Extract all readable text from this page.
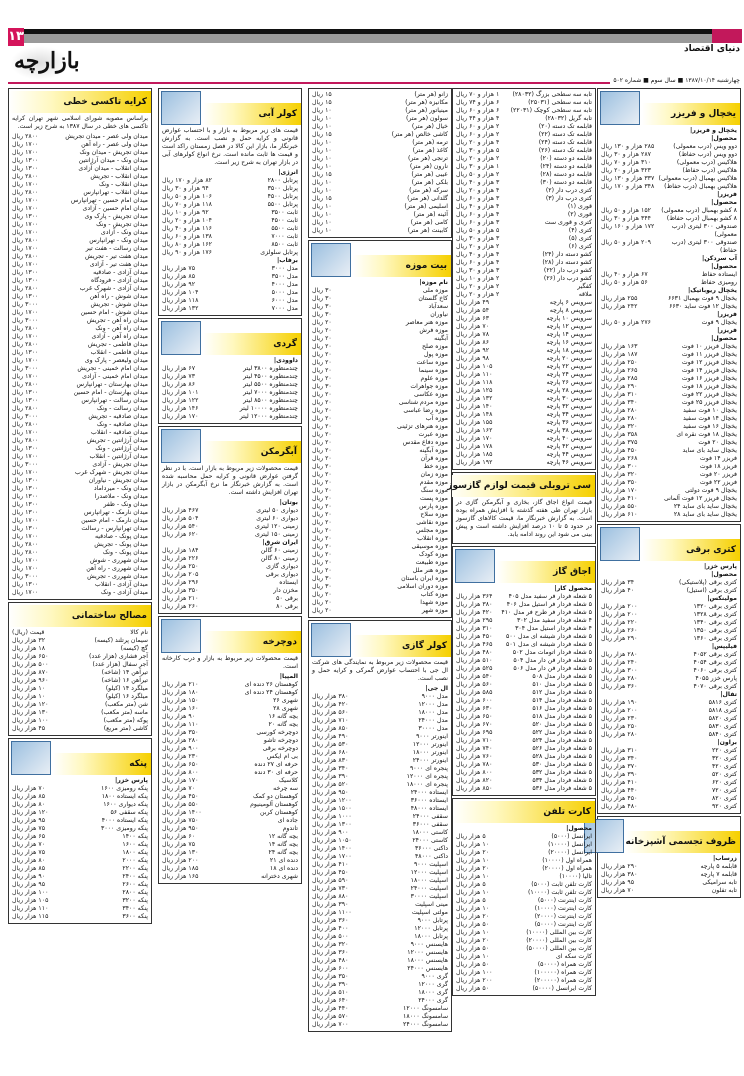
۱۳
دنیای اقتصاد
بازارچه
چهارشنبه ۱۳۸۷/۱۰/۱۴ ■ سال سوم ■ شماره ۵۰۲
یخچال و فریزر
یخچال و فریزر|
محصول|
دوو ویس (درب معمولی)
۲۸۵ هزار و ۱۳۰ ریال
دوو ویس (درب حفاظ)
۲۸۷ هزار و ۳۰ ریال
هلاکیس (درب معمولی)
۳۱۰ هزار و ۷۰ ریال
هلاکیس (درب حفاظ)
۳۲۳ هزار و ۲۰ ریال
هلاکیس بهمبال (درب معمولی)
۳۳۷ هزار و ۱۳۰ ریال
هلاکیس بهمبال (درب حفاظ)
۳۴۸ هزار و ۱۷۰ ریال
فریزر|
محصول|
۸ کشو بهمبال (درب معمولی)
۱۵۲ هزار و ۵۰ ریال
۸ کشو بهمبال (درب حفاظ)
۳۴۴ هزار و ۳۰ ریال
صندوقی ۳۰۰ لیتری (درب معمولی)
۱۷۲ هزار و ۱۶۰ ریال
صندوقی ۳۰۰ لیتری (درب حفاظ)
۲۰۹ هزار و ۵۰ ریال
آب سردکن|
محصول|
ایستاده حفاظ
۶۷ هزار و ۴۰ ریال
رومیزی حفاظ
۵۶ هزار و ۵۰ ریال
یخچال ریوباتیک|
یخچال ۹ فوت بهمبال ۶۶۳۱
۲۵۵ هزار ریال
یخچال ۱۲ فوت ساید ۶۶۳۰
۲۴۲ هزار ریال
فریزر|
یخچال ۹ فوت
۲۷۶ هزار و ۵۰ ریال
فریزر|
محصول|
یخچال فریزر ۱۰ فوت
۱۶۳ هزار ریال
یخچال فریزر ۱۱ فوت
۱۸۷ هزار ریال
یخچال فریزر ۱۲ فوت
۲۵۰ هزار ریال
یخچال فریزر ۱۴ فوت
۲۶۵ هزار ریال
یخچال فریزر ۱۶ فوت
۲۸۵ هزار ریال
یخچال فریزر ۱۸ فوت
۲۹۰ هزار ریال
یخچال فریزر ۲۲ فوت
۳۱۰ هزار ریال
یخچال فریزر ۲۵ فوت
۳۴۰ هزار ریال
یخچال ۱۰ فوت سفید
۲۸۰ هزار ریال
یخچال ۱۴ فوت سفید
۲۸۰ هزار ریال
یخچال ۱۶ فوت سفید
۳۲۰ هزار ریال
یخچال ۱۸ فوت نقره ای
۳۵۸ هزار ریال
یخچال ۲۰ فوت
۳۷۵ هزار ریال
یخچال ساید بای ساید
۴۵۰ هزار ریال
فریزر ۱۴ فوت
۲۶۸ هزار ریال
فریزر ۱۸ فوت
۳۰۰ هزار ریال
فریزر ۲۰ فوت
۳۲۰ هزار ریال
فریزر ۲۲ فوت
۳۵۰ هزار ریال
یخچال ۹ فوت دولتی
۱۷۰ هزار ریال
یخچال فریزر ۱۲ فوت آلمانی
۴۱۰ هزار ریال
یخچال ساید بای ساید ۲۴
۵۵۰ هزار ریال
یخچال ساید بای ساید ۲۸
۶۱۰ هزار ریال
کتری برقی
پارس خزر|
محصول|
کتری برقی (پلاستیکی)
۳۴ هزار ریال
کتری برقی (استیل)
۴۰ هزار ریال
مولینکس|
کتری برقی ۱۳۲۰
۲۰۰ هزار ریال
کتری برقی ۱۳۲۸
۲۰۰ هزار ریال
کتری برقی ۱۳۴۰
۲۲۰ هزار ریال
کتری برقی ۱۳۵۰
۲۶۰ هزار ریال
کتری برقی ۱۳۶۰
۲۹۰ هزار ریال
فیلیپس|
کتری برقی ۴۰۵۲
۲۸۰ هزار ریال
کتری برقی ۴۰۵۴
۲۴۰ هزار ریال
کتری برقی ۴۰۶۰
۳۰۰ هزار ریال
پارس خزر ۴۰۵۵
۲۸۰ هزار ریال
کتری برقی ۴۰۷۰
۳۶۰ هزار ریال
تفال|
کتری ۵۸۱۶
۱۹۰ هزار ریال
کتری ۵۸۱۸
۲۰۰ هزار ریال
کتری ۵۸۲۰
۲۳۰ هزار ریال
کتری ۵۸۳۰
۲۵۰ هزار ریال
کتری ۵۸۴۰
۲۸۰ هزار ریال
براون|
کتری ۲۲۰
۳۱۰ هزار ریال
کتری ۳۲۰
۳۴۰ هزار ریال
کتری ۴۲۰
۳۷۰ هزار ریال
کتری ۵۲۰
۳۹۰ هزار ریال
کتری ۶۲۰
۴۱۰ هزار ریال
کتری ۷۲۰
۴۴۰ هزار ریال
کتری ۸۲۰
۴۵۰ هزار ریال
کتری ۹۲۰
۴۸۰ هزار ریال
ظروف تجسمی آشپزخانه
زرساب|
قابلمه ۵ پارچه
۲۹۰ هزار ریال
قابلمه ۷ پارچه
۳۸۰ هزار ریال
تابه سرامیکی
۹۵ هزار ریال
تابه تفلون
۷۰ هزار ریال
تابه سه سطحی بزرگ (۲۸۰۳۲)
۱ هزار و ۷۰ ریال
تابه سه سطحی (۲۵۰۳۱)
۶ هزار و ۷۴ ریال
تابه سه سطحی کوچک (۲۲۰۳۱)
۶ هزار و ۶۰ ریال
تابه گریل (۲۸۰۳۲)
۴ هزار و ۴۴ ریال
قابلمه تک دسته (۲۰)
۲ هزار و ۶۰ ریال
قابلمه تک دسته (۲۲)
۲ هزار و ۶۰ ریال
قابلمه تک دسته (۲۴)
۴ هزار و ۲۰ ریال
قابلمه تک دسته (۲۶)
۵ هزار و ۳۰ ریال
قابلمه دو دسته (۲۰)
۲ هزار و ۲۰ ریال
قابلمه دو دسته (۲۴)
۱ هزار و ۳۰ ریال
قابلمه دو دسته (۲۸)
۲ هزار و ۵۰ ریال
قابلمه دو دسته (۳۰)
۳ هزار و ۴۰ ریال
کتری درب دار (۲)
۴ هزار و ۲۰ ریال
کتری درب دار (۳)
۳ هزار و ۶۰ ریال
قوری (۱)
۴ هزار و ۴۰ ریال
قوری (۲)
۴ هزار و ۶۰ ریال
کتری و قوری ست
۳ هزار و ۶۰ ریال
کتری (۴)
۵ هزار و ۵۰ ریال
کتری (۵)
۳ هزار و ۳۰ ریال
کتری (۶)
۲ هزار و ۲۰ ریال
کشو دسته دار (۲۴)
۴ هزار و ۴۰ ریال
کشو دسته دار (۲۸)
۴ هزار و ۶۰ ریال
کشو درب دار (۲۲)
۳ هزار و ۳۰ ریال
کشو درب دار (۲۶)
۲ هزار و ۱۰ ریال
کفگیر
۲ هزار و ۲۰ ریال
ملاقه
۲ هزار و ۲۰ ریال
سرویس ۶ پارچه
۴۹ هزار ریال
سرویس ۸ پارچه
۵۴ هزار ریال
سرویس ۱۰ پارچه
۶۳ هزار ریال
سرویس ۱۲ پارچه
۷۰ هزار ریال
سرویس ۱۴ پارچه
۷۸ هزار ریال
سرویس ۱۶ پارچه
۸۶ هزار ریال
سرویس ۱۸ پارچه
۹۲ هزار ریال
سرویس ۲۰ پارچه
۹۸ هزار ریال
سرویس ۲۲ پارچه
۱۰۵ هزار ریال
سرویس ۲۴ پارچه
۱۱۰ هزار ریال
سرویس ۲۶ پارچه
۱۱۸ هزار ریال
سرویس ۲۸ پارچه
۱۲۵ هزار ریال
سرویس ۳۰ پارچه
۱۳۲ هزار ریال
سرویس ۳۲ پارچه
۱۴۰ هزار ریال
سرویس ۳۴ پارچه
۱۴۸ هزار ریال
سرویس ۳۶ پارچه
۱۵۵ هزار ریال
سرویس ۳۸ پارچه
۱۶۲ هزار ریال
سرویس ۴۰ پارچه
۱۷۰ هزار ریال
سرویس ۴۲ پارچه
۱۷۸ هزار ریال
سرویس ۴۴ پارچه
۱۸۵ هزار ریال
سرویس ۴۶ پارچه
۱۹۲ هزار ریال
سی ترویلی قیمت لوازم گازسوز
قیمت انواع اجاق گاز، بخاری و آبگرمکن گازی در بازار تهران طی هفته گذشته با افزایش همراه بوده است. به گزارش خبرنگار ما، قیمت کالاهای گازسوز در حدود ۵ تا ۱۰ درصد افزایش داشته است و پیش بینی می شود این روند ادامه یابد.
اجاق گاز
محصول کار|
۵ شعله فردار فر سفید مدل ۴۰۵
۳۶۴ هزار ریال
۵ شعله فردار فر استیل مدل ۴۰۶
۳۸۰ هزار ریال
۵ شعله فردار فر طرح فر مدل ۴۱۰
۴۲۰ هزار ریال
۴ شعله فردار سفید مدل ۳۰۲
۲۹۵ هزار ریال
۴ شعله فردار استیل مدل ۳۰۴
۳۱۰ هزار ریال
۵ شعله فردار شیشه ای مدل ۵۰۰
۴۵۰ هزار ریال
۵ شعله فردار شیشه ای مدل ۵۰۱
۴۶۵ هزار ریال
۵ شعله فردار اتومات مدل ۵۰۲
۴۸۰ هزار ریال
۵ شعله فردار فن دار مدل ۵۰۴
۵۱۰ هزار ریال
۵ شعله فردار فن دار مدل ۵۰۶
۵۲۵ هزار ریال
۵ شعله فردار مدل ۵۰۸
۵۴۰ هزار ریال
۵ شعله فردار مدل ۵۱۰
۵۶۰ هزار ریال
۵ شعله فردار مدل ۵۱۲
۵۸۵ هزار ریال
۵ شعله فردار مدل ۵۱۴
۶۰۰ هزار ریال
۵ شعله فردار مدل ۵۱۶
۶۳۰ هزار ریال
۵ شعله فردار مدل ۵۱۸
۶۵۰ هزار ریال
۵ شعله فردار مدل ۵۲۰
۶۷۰ هزار ریال
۵ شعله فردار مدل ۵۲۲
۶۹۵ هزار ریال
۵ شعله فردار مدل ۵۲۴
۷۱۰ هزار ریال
۵ شعله فردار مدل ۵۲۶
۷۴۰ هزار ریال
۵ شعله فردار مدل ۵۲۸
۷۶۰ هزار ریال
۵ شعله فردار مدل ۵۳۰
۷۸۰ هزار ریال
۵ شعله فردار مدل ۵۳۲
۸۰۰ هزار ریال
۵ شعله فردار مدل ۵۳۴
۸۲۰ هزار ریال
۵ شعله فردار مدل ۵۳۶
۸۵۰ هزار ریال
کارت تلفن
محصول|
ایرانسل (۵۰۰۰)
۵ هزار ریال
ایرانسل (۱۰۰۰۰)
۱۰ هزار ریال
ایرانسل (۲۰۰۰۰)
۲۰ هزار ریال
همراه اول (۱۰۰۰۰)
۱۰ هزار ریال
همراه اول (۲۰۰۰۰)
۲۰ هزار ریال
تالیا (۱۰۰۰۰)
۱۰ هزار ریال
کارت تلفن ثابت (۵۰۰۰)
۵ هزار ریال
کارت تلفن ثابت (۱۰۰۰۰)
۱۰ هزار ریال
کارت اینترنت (۵۰۰۰)
۵ هزار ریال
کارت اینترنت (۱۰۰۰۰)
۱۰ هزار ریال
کارت اینترنت (۲۰۰۰۰)
۲۰ هزار ریال
کارت اینترنت (۵۰۰۰۰)
۵۰ هزار ریال
کارت بین المللی (۱۰۰۰۰)
۱۰ هزار ریال
کارت بین المللی (۲۰۰۰۰)
۲۰ هزار ریال
کارت بین المللی (۵۰۰۰۰)
۵۰ هزار ریال
کارت سکه ای
۱۰ هزار ریال
کارت همراه (۵۰۰۰۰)
۵۰ هزار ریال
کارت همراه (۱۰۰۰۰۰)
۱۰۰ هزار ریال
کارت همراه (۲۰۰۰۰۰)
۲۰۰ هزار ریال
کارت ایرانسل (۵۰۰۰۰)
۵۰ هزار ریال
زانو (هر متر)
۱۵ ریال
مکانیزه (هر متر)
۱۵ ریال
مینیاتور (هر متر)
۱۰ ریال
سولون (هر متر)
۱۰ ریال
خیال (هر متر)
۱۰ ریال
کاشی خالص (هر متر)
۱۵ ریال
ترمه (هر متر)
۱۰ ریال
کاغذ (هر متر)
۱۰ ریال
ترنجی (هر متر)
۱۰ ریال
نارون (هر متر)
۱۰ ریال
عیبی (هر متر)
۱۵ ریال
بلکی (هر متر)
۱۰ ریال
سرکه (هر متر)
۱۰ ریال
گلدانی (هر متر)
۱۵ ریال
اسلیمی (هر متر)
۱۰ ریال
آئینه (هر متر)
۱۰ ریال
کامی (هر متر)
۱۰ ریال
کابینت (هر متر)
۱۰ ریال
بیت موزه
نام موزه|
موزه ملی
۳۰ ریال
کاخ گلستان
۳۰ ریال
سعدآباد
۳۰ ریال
نیاوران
۳۰ ریال
موزه هنر معاصر
۲۰ ریال
موزه فرش
۲۰ ریال
آبگینه
۲۰ ریال
موزه صلح
۲۰ ریال
موزه پول
۲۰ ریال
موزه ساعت
۲۰ ریال
موزه سینما
۲۰ ریال
موزه علوم
۲۰ ریال
موزه جواهرات
۳۰ ریال
موزه عکاسی
۲۰ ریال
موزه مردم شناسی
۲۰ ریال
موزه رضا عباسی
۲۰ ریال
موزه آب
۲۰ ریال
موزه هنرهای تزئینی
۲۰ ریال
موزه عبرت
۲۰ ریال
موزه دفاع مقدس
۲۰ ریال
موزه آبگینه
۲۰ ریال
موزه قرآن
۲۰ ریال
موزه خط
۲۰ ریال
موزه زمان
۲۰ ریال
موزه مقدم
۲۰ ریال
موزه سنگ
۲۰ ریال
موزه پست
۲۰ ریال
موزه پارس
۲۰ ریال
موزه سلاح
۲۰ ریال
موزه نقاشی
۲۰ ریال
موزه مجلس
۲۰ ریال
موزه انقلاب
۲۰ ریال
موزه موسیقی
۲۰ ریال
موزه کودک
۲۰ ریال
موزه طبیعت
۲۰ ریال
موزه هنر ملل
۲۰ ریال
موزه ایران باستان
۳۰ ریال
موزه دوران اسلامی
۳۰ ریال
موزه کتاب
۲۰ ریال
موزه شهدا
۲۰ ریال
موزه شهر
۲۰ ریال
کولر گازی
قیمت محصولات زیر مربوط به نمایندگی های شرکت ال جی با احتساب عوارض گمرکی و کرایه حمل و نصب است.
ال جی|
مدل ۹۰۰۰
۳۸۰ هزار ریال
مدل ۱۲۰۰۰
۴۲۰ هزار ریال
مدل ۱۸۰۰۰
۵۶۰ هزار ریال
مدل ۲۴۰۰۰
۷۱۰ هزار ریال
مدل ۳۰۰۰۰
۸۵۰ هزار ریال
اینورتر ۹۰۰۰
۴۹۰ هزار ریال
اینورتر ۱۲۰۰۰
۵۳۰ هزار ریال
اینورتر ۱۸۰۰۰
۶۸۰ هزار ریال
اینورتر ۲۴۰۰۰
۸۳۰ هزار ریال
پنجره ای ۹۰۰۰
۳۴۰ هزار ریال
پنجره ای ۱۲۰۰۰
۳۹۰ هزار ریال
پنجره ای ۱۸۰۰۰
۵۲۰ هزار ریال
ایستاده ۲۴۰۰۰
۹۵۰ هزار ریال
ایستاده ۳۶۰۰۰
۱۲۰۰ هزار ریال
ایستاده ۴۸۰۰۰
۱۵۰۰ هزار ریال
سقفی ۲۴۰۰۰
۱۰۰۰ هزار ریال
سقفی ۳۶۰۰۰
۱۳۰۰ هزار ریال
کاستی ۱۸۰۰۰
۹۰۰ هزار ریال
کاستی ۲۴۰۰۰
۱۰۵۰ هزار ریال
داکتی ۳۶۰۰۰
۱۴۰۰ هزار ریال
داکتی ۴۸۰۰۰
۱۷۰۰ هزار ریال
اسپلیت ۹۰۰۰
۴۱۰ هزار ریال
اسپلیت ۱۲۰۰۰
۴۵۰ هزار ریال
اسپلیت ۱۸۰۰۰
۵۹۰ هزار ریال
اسپلیت ۲۴۰۰۰
۷۳۰ هزار ریال
اسپلیت ۳۰۰۰۰
۸۸۰ هزار ریال
مینی اسپلیت
۳۹۰ هزار ریال
مولتی اسپلیت
۱۱۰۰ هزار ریال
پرتابل ۹۰۰۰
۳۶۰ هزار ریال
پرتابل ۱۲۰۰۰
۴۰۰ هزار ریال
پرتابل ۱۸۰۰۰
۵۰۰ هزار ریال
هایسنس ۹۰۰۰
۳۲۰ هزار ریال
هایسنس ۱۲۰۰۰
۳۶۰ هزار ریال
هایسنس ۱۸۰۰۰
۴۸۰ هزار ریال
هایسنس ۲۴۰۰۰
۶۰۰ هزار ریال
گری ۹۰۰۰
۳۵۰ هزار ریال
گری ۱۲۰۰۰
۳۹۰ هزار ریال
گری ۱۸۰۰۰
۵۱۰ هزار ریال
گری ۲۴۰۰۰
۶۴۰ هزار ریال
سامسونگ ۱۲۰۰۰
۴۴۰ هزار ریال
سامسونگ ۱۸۰۰۰
۵۷۰ هزار ریال
سامسونگ ۲۴۰۰۰
۷۰۰ هزار ریال
کولر آبی
قیمت های زیر مربوط به بازار و با احتساب عوارض قانونی و کرایه حمل و نصب است. به گزارش خبرنگار ما، بازار این کالا در فصل زمستان راکد است و قیمت ها ثابت مانده است. نرخ انواع کولرهای آبی در بازار تهران به شرح زیر است.
انرژی|
پرتابل ۲۸۰۰
۸۲ هزار و ۱۷۰ ریال
پرتابل ۳۵۰۰
۹۴ هزار و ۳۰ ریال
پرتابل ۴۵۰۰
۱۰۶ هزار و ۵۰ ریال
پرتابل ۵۵۰۰
۱۱۸ هزار و ۷۰ ریال
ثابت ۳۵۰۰
۹۲ هزار و ۱۰ ریال
ثابت ۴۵۰۰
۱۰۴ هزار و ۲۰ ریال
ثابت ۵۵۰۰
۱۱۶ هزار و ۴۰ ریال
ثابت ۷۰۰۰
۱۳۸ هزار و ۶۰ ریال
ثابت ۸۵۰۰
۱۶۲ هزار و ۸۰ ریال
پرتابل سلولزی
۱۷۶ هزار و ۹۰ ریال
برفاب|
مدل ۳۰۰۰
۷۵ هزار ریال
مدل ۳۵۰۰
۸۵ هزار ریال
مدل ۴۰۰۰
۹۲ هزار ریال
مدل ۵۰۰۰
۱۰۴ هزار ریال
مدل ۶۰۰۰
۱۱۸ هزار ریال
مدل ۷۰۰۰
۱۳۲ هزار ریال
گردی
داوودی|
چندمنظوره ۳۸۰۰ لیتر
۶۷ هزار ریال
چندمنظوره ۴۵۰۰ لیتر
۷۳ هزار ریال
چندمنظوره ۵۵۰۰ لیتر
۸۶ هزار ریال
چندمنظوره ۷۰۰۰ لیتر
۱۰۱ هزار ریال
چندمنظوره ۸۵۰۰ لیتر
۱۲۲ هزار ریال
چندمنظوره ۱۰۰۰۰ لیتر
۱۴۶ هزار ریال
چندمنظوره ۱۲۰۰۰ لیتر
۱۷۰ هزار ریال
آبگرمکن
قیمت محصولات زیر مربوط به بازار است. با در نظر گرفتن عوارض قانونی و کرایه حمل محاسبه شده است. به گزارش خبرنگار ما نرخ آبگرمکن در بازار تهران افزایش داشته است.
بوتان|
دیواری ۵۰ لیتری
۴۶۷ هزار ریال
دیواری ۶۰ لیتری
۵۰۴ هزار ریال
زمینی ۱۲۰ لیتری
۵۴۰ هزار ریال
زمینی ۱۵۰ لیتری
۶۲۰ هزار ریال
ایران شرق|
زمینی ۶۰ گالن
۱۸۴ هزار ریال
زمینی ۸۰ گالن
۲۲۶ هزار ریال
دیواری گازی
۲۵۰ هزار ریال
دیواری برقی
۲۰۵ هزار ریال
ایستاده
۲۹۶ هزار ریال
مخزن دار
۳۵۰ هزار ریال
برقی ۵۰
۲۱۰ هزار ریال
برقی ۸۰
۲۶۰ هزار ریال
دوچرخه
قیمت محصولات زیر مربوط به بازار و درب کارخانه است.
المپیا|
کوهستان ۲۶ دنده ای
۲۱۰ هزار ریال
کوهستان ۲۴ دنده ای
۱۸۰ هزار ریال
شهری ۲۶
۱۵۰ هزار ریال
شهری ۲۸
۱۶۰ هزار ریال
بچه گانه ۱۶
۹۰ هزار ریال
بچه گانه ۲۰
۱۱۰ هزار ریال
دوچرخه کورسی
۳۵۰ هزار ریال
دوچرخه تاشو
۲۸۰ هزار ریال
دوچرخه برقی
۹۰۰ هزار ریال
بی ام ایکس
۲۳۰ هزار ریال
حرفه ای ۲۷ دنده
۶۵۰ هزار ریال
حرفه ای ۳۰ دنده
۸۰۰ هزار ریال
کلاسیک
۱۷۰ هزار ریال
سه چرخه
۷۰ هزار ریال
کوهستان دو کمک
۴۵۰ هزار ریال
کوهستان آلومینیوم
۵۵۰ هزار ریال
کوهستان کربن
۱۴۰۰ هزار ریال
جاده ای
۷۵۰ هزار ریال
تاندوم
۹۵۰ هزار ریال
بچه گانه ۱۲
۶۰ هزار ریال
بچه گانه ۱۴
۷۵ هزار ریال
بچه گانه ۲۴
۱۳۰ هزار ریال
دنده ای ۲۱
۲۰۰ هزار ریال
دنده ای ۱۸
۱۸۵ هزار ریال
شهری دخترانه
۱۶۵ هزار ریال
کرایه تاکسی خطی
براساس مصوبه شورای اسلامی شهر تهران کرایه تاکسی های خطی در سال ۱۳۸۷ به شرح زیر است.
میدان ولی عصر - میدان تجریش
۲۸۰۰ ریال
میدان ولی عصر - راه آهن
۱۷۰۰ ریال
میدان تجریش - میدان ونک
۱۷۰۰ ریال
میدان ونک - میدان آرژانتین
۱۳۰۰ ریال
میدان انقلاب - میدان آزادی
۱۳۰۰ ریال
میدان انقلاب - تجریش
۲۸۰۰ ریال
میدان انقلاب - ونک
۱۷۰۰ ریال
میدان انقلاب - تهرانپارس
۲۸۰۰ ریال
میدان امام حسین - تهرانپارس
۱۷۰۰ ریال
میدان امام حسین - آزادی
۱۷۰۰ ریال
میدان تجریش - پارک وی
۱۳۰۰ ریال
میدان تجریش - ونک
۱۷۰۰ ریال
میدان ونک - آزادی
۱۷۰۰ ریال
میدان ونک - تهرانپارس
۲۸۰۰ ریال
میدان رسالت - هفت تیر
۱۷۰۰ ریال
میدان هفت تیر - تجریش
۲۸۰۰ ریال
میدان هفت تیر - آزادی
۱۷۰۰ ریال
میدان آزادی - صادقیه
۱۳۰۰ ریال
میدان آزادی - فرودگاه
۱۳۰۰ ریال
میدان آزادی - شهرک غرب
۲۸۰۰ ریال
میدان شوش - راه آهن
۱۳۰۰ ریال
میدان شوش - تجریش
۳۰۰۰ ریال
میدان شوش - امام حسین
۱۷۰۰ ریال
میدان راه آهن - تجریش
۳۰۰۰ ریال
میدان راه آهن - ونک
۲۸۰۰ ریال
میدان راه آهن - آزادی
۱۷۰۰ ریال
میدان فاطمی - تجریش
۲۸۰۰ ریال
میدان فاطمی - انقلاب
۱۳۰۰ ریال
میدان ولیعصر - پارک وی
۱۷۰۰ ریال
میدان امام خمینی - تجریش
۳۰۰۰ ریال
میدان امام خمینی - آزادی
۱۷۰۰ ریال
میدان بهارستان - تهرانپارس
۲۸۰۰ ریال
میدان بهارستان - امام حسین
۱۳۰۰ ریال
میدان رسالت - تهرانپارس
۱۳۰۰ ریال
میدان رسالت - ونک
۲۸۰۰ ریال
میدان صادقیه - تجریش
۳۰۰۰ ریال
میدان صادقیه - ونک
۲۸۰۰ ریال
میدان صادقیه - انقلاب
۱۷۰۰ ریال
میدان آرژانتین - تجریش
۲۸۰۰ ریال
میدان آرژانتین - ونک
۱۳۰۰ ریال
میدان آرژانتین - انقلاب
۱۷۰۰ ریال
میدان تجریش - آزادی
۳۰۰۰ ریال
میدان تجریش - شهرک غرب
۱۷۰۰ ریال
میدان تجریش - نیاوران
۱۳۰۰ ریال
میدان ونک - میرداماد
۱۳۰۰ ریال
میدان ونک - ملاصدرا
۱۳۰۰ ریال
میدان ونک - ظفر
۱۳۰۰ ریال
میدان نارمک - تهرانپارس
۱۳۰۰ ریال
میدان نارمک - امام حسین
۱۷۰۰ ریال
میدان تهرانپارس - رسالت
۱۳۰۰ ریال
میدان پونک - صادقیه
۱۷۰۰ ریال
میدان پونک - تجریش
۲۸۰۰ ریال
میدان پونک - ونک
۲۸۰۰ ریال
میدان شهرری - شوش
۱۷۰۰ ریال
میدان شهرری - راه آهن
۱۷۰۰ ریال
میدان شهرری - تجریش
۳۰۰۰ ریال
میدان آزادی - انقلاب
۱۳۰۰ ریال
میدان آزادی - ونک
۱۷۰۰ ریال
مصالح ساختمانی
نام کالا
قیمت (ریال)
سیمان پرتلند (کیسه)
۳۲ هزار ریال
گچ (کیسه)
۱۸ هزار ریال
آجر فشاری (هزار عدد)
۶۵۰ هزار ریال
آجر سفال (هزار عدد)
۵۰۰ هزار ریال
تیرآهن ۱۴ (شاخه)
۸۷۰ هزار ریال
تیرآهن ۱۶ (شاخه)
۹۶۰ هزار ریال
میلگرد ۱۴ (کیلو)
۱۰ هزار ریال
میلگرد ۱۶ (کیلو)
۱۰ هزار ریال
شن (متر مکعب)
۱۲۰ هزار ریال
ماسه (متر مکعب)
۱۳۰ هزار ریال
پوکه (متر مکعب)
۱۰۰ هزار ریال
کاشی (متر مربع)
۴۵ هزار ریال
پنکه
پارس خزر|
پنکه رومیزی ۱۶۰۰
۷۰ هزار ریال
پنکه ایستاده ۱۸۰۰
۸۵ هزار ریال
پنکه دیواری ۱۶۰۰
۸۰ هزار ریال
پنکه سقفی ۵۶
۱۲۰ هزار ریال
پنکه ایستاده ۴۰۰۰
۹۵ هزار ریال
پنکه رومیزی ۳۰۰۰
۷۵ هزار ریال
پنکه ۱۴۰۰
۶۵ هزار ریال
پنکه ۱۶۰۰
۷۰ هزار ریال
پنکه ۱۸۰۰
۷۵ هزار ریال
پنکه ۲۰۰۰
۸۰ هزار ریال
پنکه ۲۲۰۰
۸۵ هزار ریال
پنکه ۲۴۰۰
۹۰ هزار ریال
پنکه ۲۶۰۰
۹۵ هزار ریال
پنکه ۲۸۰۰
۱۰۰ هزار ریال
پنکه ۳۲۰۰
۱۰۵ هزار ریال
پنکه ۳۴۰۰
۱۱۰ هزار ریال
پنکه ۳۶۰۰
۱۱۵ هزار ریال
